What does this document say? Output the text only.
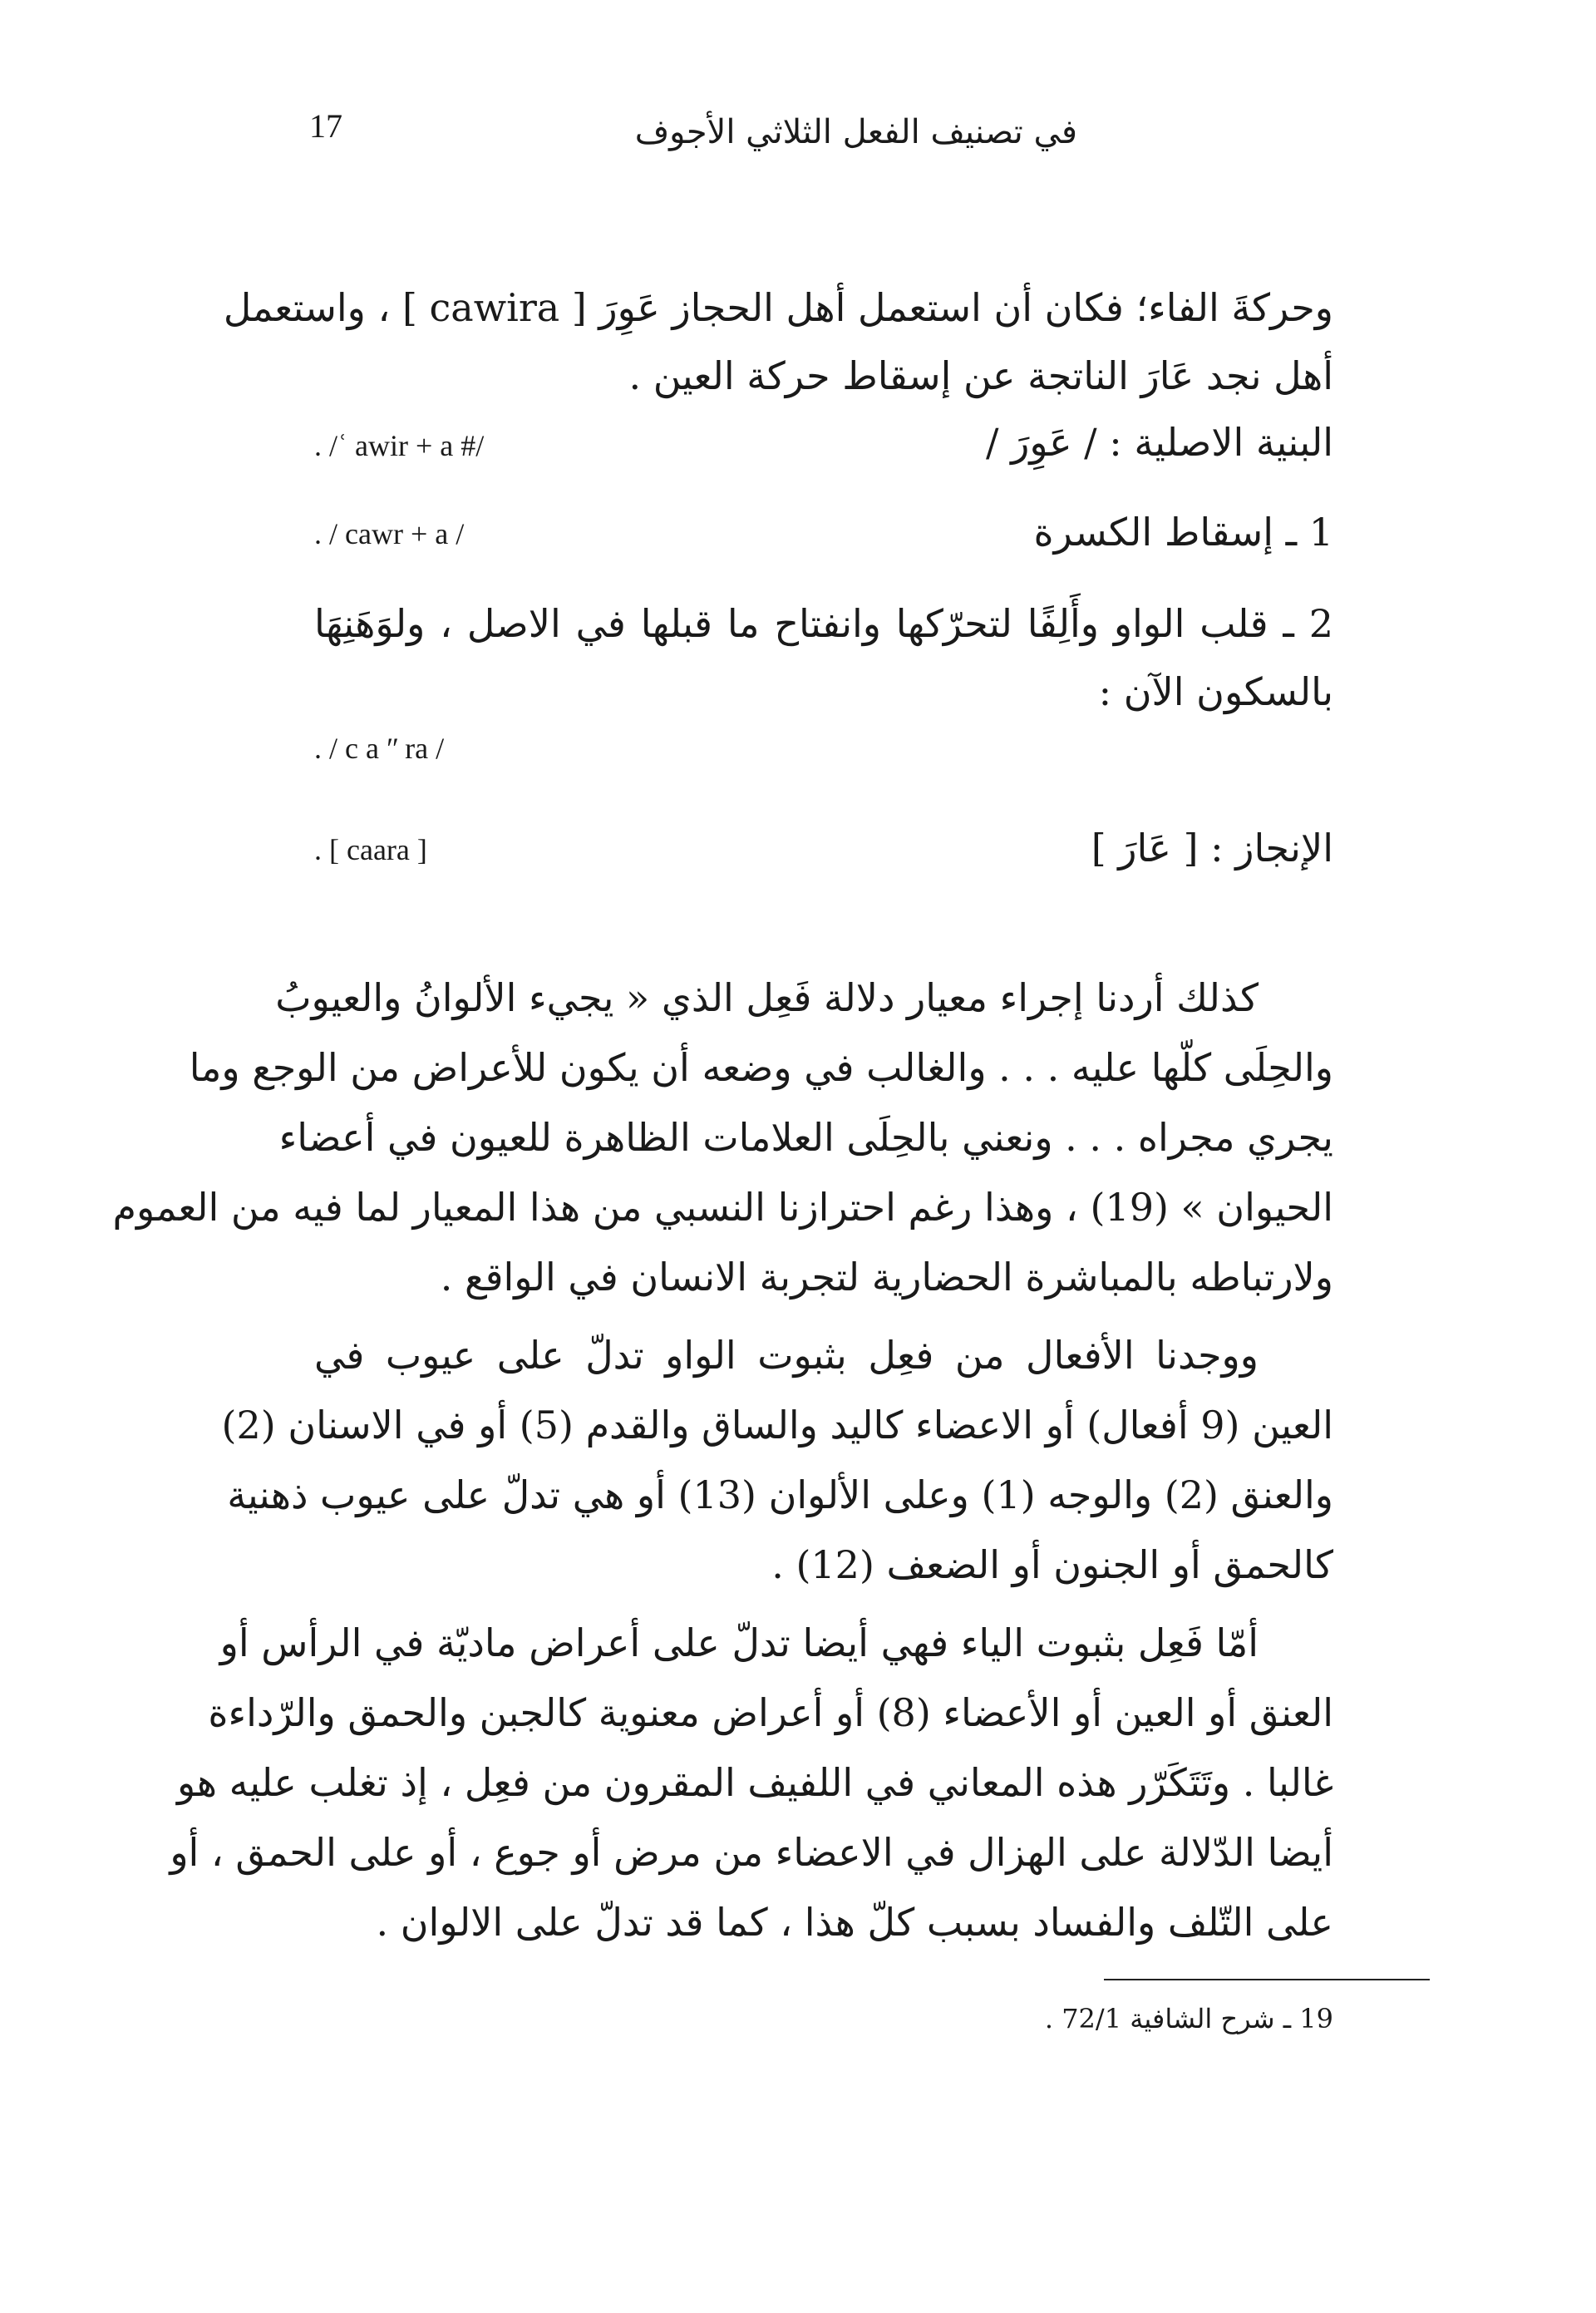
17	في تصنيف الفعل الثلاثي الأجوف
وحركةَ الفاء؛ فكان أن استعمل أهل الحجاز عَوِرَ [ cawira ] ، واستعمل
أهل نجد عَارَ الناتجة عن إسقاط حركة العين .
البنية الاصلية : / عَوِرَ /
. /ʿ awir + a #/
1 ـ إسقاط الكسرة
. / cawr + a /
2 ـ قلب الواو وأَلِفًا لتحرّكها وانفتاح ما قبلها في الاصل ، ولوَهَنِهَا
بالسكون الآن :
. / c a ʺ ra /
الإنجاز : [ عَارَ ]
. [ caara ]
كذلك أردنا إجراء معيار دلالة فَعِل الذي « يجيء الألوانُ والعيوبُ
والحِلَى كلّها عليه . . . والغالب في وضعه أن يكون للأعراض من الوجع وما
يجري مجراه . . . ونعني بالحِلَى العلامات الظاهرة للعيون في أعضاء
الحيوان » (19) ، وهذا رغم احترازنا النسبي من هذا المعيار لما فيه من العموم
ولارتباطه بالمباشرة الحضارية لتجربة الانسان في الواقع .
ووجدنا الأفعال من فعِل بثبوت الواو تدلّ على عيوب في
العين (9 أفعال) أو الاعضاء كاليد والساق والقدم (5) أو في الاسنان (2)
والعنق (2) والوجه (1) وعلى الألوان (13) أو هي تدلّ على عيوب ذهنية
كالحمق أو الجنون أو الضعف (12) .
أمّا فَعِل بثبوت الياء فهي أيضا تدلّ على أعراض ماديّة في الرأس أو
العنق أو العين أو الأعضاء (8) أو أعراض معنوية كالجبن والحمق والرّداءة
غالبا . وتَتَكَرّر هذه المعاني في اللفيف المقرون من فعِل ، إذ تغلب عليه هو
أيضا الدّلالة على الهزال في الاعضاء من مرض أو جوع ، أو على الحمق ، أو
على التّلف والفساد بسبب كلّ هذا ، كما قد تدلّ على الالوان .
19 ـ شرح الشافية 72/1 .
